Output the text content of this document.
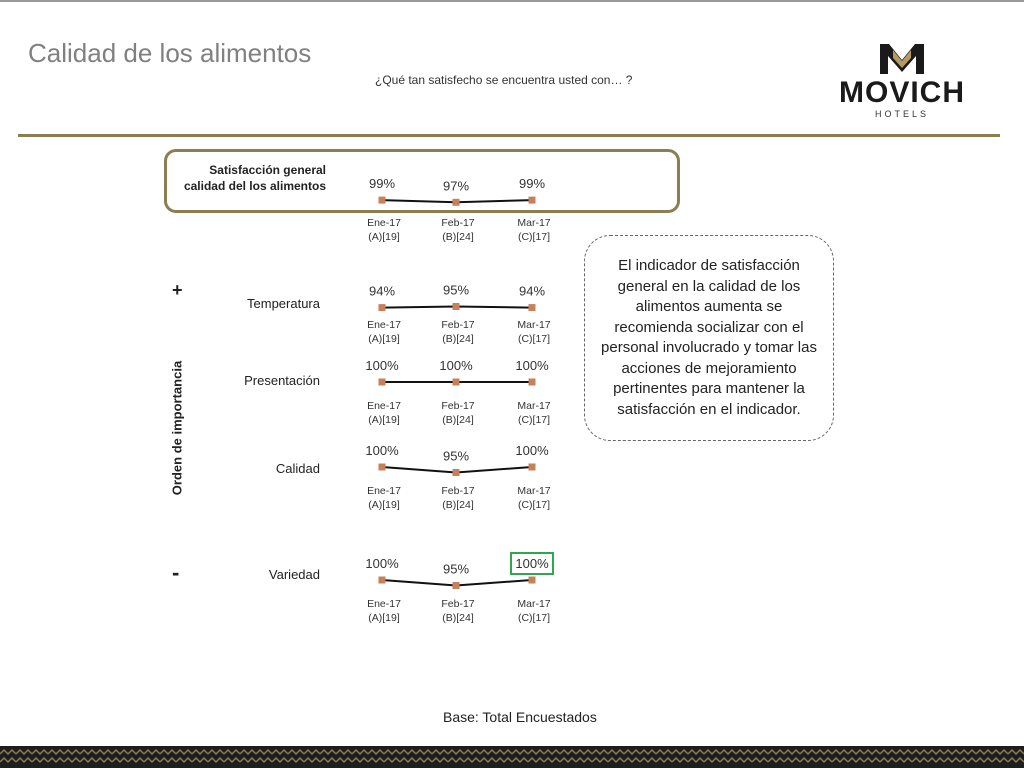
Calidad de los alimentos
¿Qué tan satisfecho se encuentra usted con… ?	MOVICH
HOTELS
Satisfacción general
calidad del los alimentos
Temperatura
Presentación
Calidad
Variedad
Orden de importancia
+
-
99%
Ene-17
(A)[19]
97%
Feb-17
(B)[24]
99%
Mar-17
(C)[17]
94%
Ene-17
(A)[19]
95%
Feb-17
(B)[24]
94%
Mar-17
(C)[17]
100%
Ene-17
(A)[19]
100%
Feb-17
(B)[24]
100%
Mar-17
(C)[17]
100%
Ene-17
(A)[19]
95%
Feb-17
(B)[24]
100%
Mar-17
(C)[17]
100%
Ene-17
(A)[19]
95%
Feb-17
(B)[24]
100%
Mar-17
(C)[17]
El indicador de satisfacción general en la calidad de los alimentos aumenta se recomienda socializar con el personal involucrado y tomar las acciones de mejoramiento pertinentes para mantener la satisfacción en el indicador.
Base: Total Encuestados
